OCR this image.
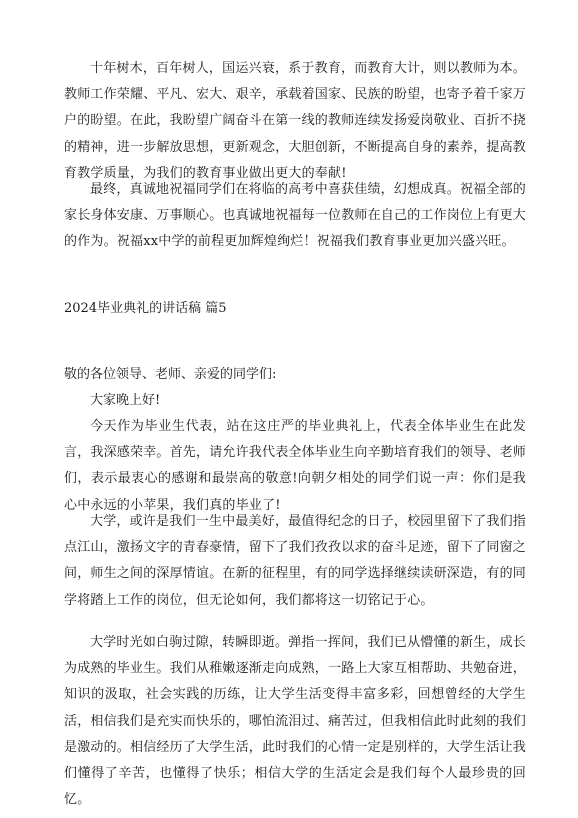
十年树木，百年树人，国运兴衰，系于教育，而教育大计，则以教师为本。教师工作荣耀、平凡、宏大、艰辛，承载着国家、民族的盼望，也寄予着千家万户的盼望。在此，我盼望广阔奋斗在第一线的教师连续发扬爱岗敬业、百折不挠的精神，进一步解放思想，更新观念，大胆创新，不断提高自身的素养，提高教育教学质量，为我们的教育事业做出更大的奉献!

最终，真诚地祝福同学们在将临的高考中喜获佳绩，幻想成真。祝福全部的家长身体安康、万事顺心。也真诚地祝福每一位教师在自己的工作岗位上有更大的作为。祝福xx中学的前程更加辉煌绚烂！祝福我们教育事业更加兴盛兴旺。

2024毕业典礼的讲话稿 篇5

敬的各位领导、老师、亲爱的同学们:

大家晚上好!

今天作为毕业生代表，站在这庄严的毕业典礼上，代表全体毕业生在此发言，我深感荣幸。首先，请允许我代表全体毕业生向辛勤培育我们的领导、老师们，表示最衷心的感谢和最崇高的敬意!向朝夕相处的同学们说一声：你们是我心中永远的小苹果，我们真的毕业了!

大学，或许是我们一生中最美好，最值得纪念的日子，校园里留下了我们指点江山，激扬文字的青春豪情，留下了我们孜孜以求的奋斗足迹，留下了同窗之间，师生之间的深厚情谊。在新的征程里，有的同学选择继续读研深造，有的同学将踏上工作的岗位，但无论如何，我们都将这一切铭记于心。

大学时光如白驹过隙，转瞬即逝。弹指一挥间，我们已从懵懂的新生，成长为成熟的毕业生。我们从稚嫩逐渐走向成熟，一路上大家互相帮助、共勉奋进，知识的汲取，社会实践的历练，让大学生活变得丰富多彩，回想曾经的大学生活，相信我们是充实而快乐的，哪怕流泪过、痛苦过，但我相信此时此刻的我们是激动的。相信经历了大学生活，此时我们的心情一定是别样的，大学生活让我们懂得了辛苦，也懂得了快乐；相信大学的生活定会是我们每个人最珍贵的回忆。
